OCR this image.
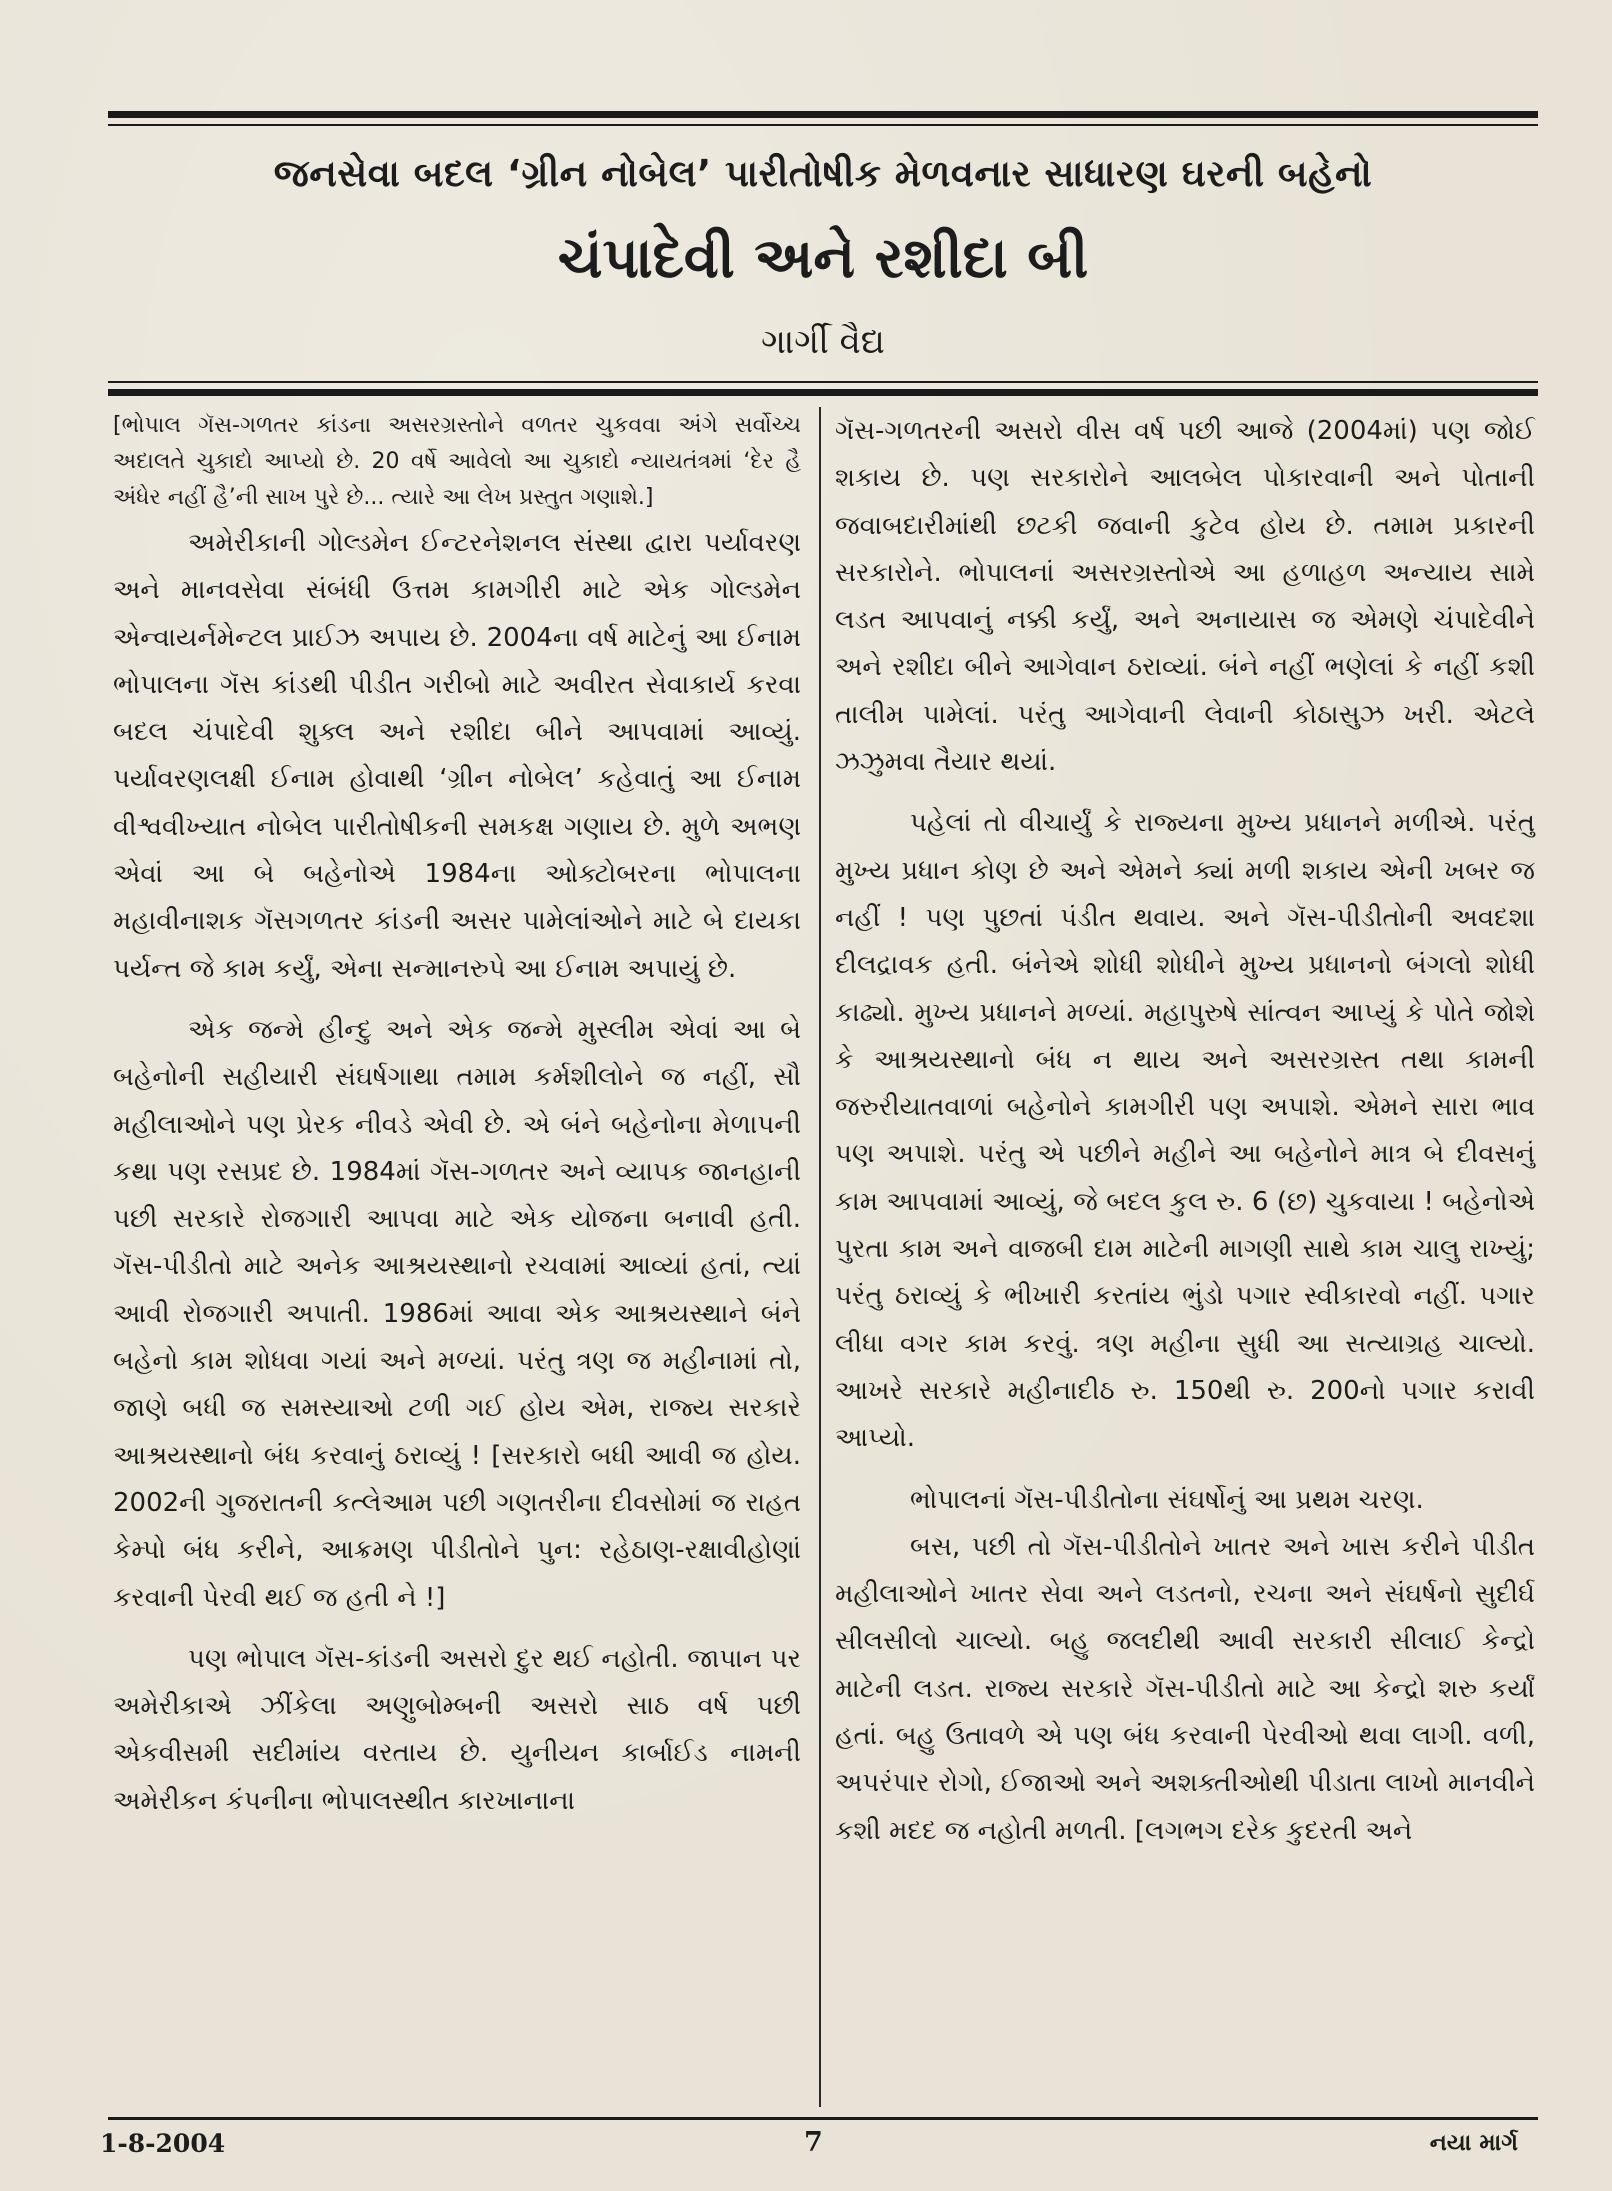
જનસેવા બદલ ‘ગ્રીન નોબેલ’ પારીતોષીક મેળવનાર સાધારણ ઘરની બહેનો
ચંપાદેવી અને રશીદા બી
ગાર્ગી વૈદ્ય

[ભોપાલ ગૅસ-ગળતર કાંડના અસરગ્રસ્તોને વળતર ચુકવવા અંગે સર્વોચ્ચ અદાલતે ચુકાદો આપ્યો છે. 20 વર્ષે આવેલો આ ચુકાદો ન્યાયતંત્રમાં ‘દેર હૈ અંધેર નહીં હૈ’ની સાખ પુરે છે... ત્યારે આ લેખ પ્રસ્તુત ગણાશે.]

અમેરીકાની ગોલ્ડમેન ઈન્ટરનેશનલ સંસ્થા દ્વારા પર્યાવરણ અને માનવસેવા સંબંધી ઉત્તમ કામગીરી માટે એક ગોલ્ડમેન એન્વાયર્નમેન્ટલ પ્રાઈઝ અપાય છે. 2004ના વર્ષ માટેનું આ ઈનામ ભોપાલના ગૅસ કાંડથી પીડીત ગરીબો માટે અવીરત સેવાકાર્ય કરવા બદલ ચંપાદેવી શુક્લ અને રશીદા બીને આપવામાં આવ્યું. પર્યાવરણલક્ષી ઈનામ હોવાથી ‘ગ્રીન નોબેલ’ કહેવાતું આ ઈનામ વીશ્વવીખ્યાત નોબેલ પારીતોષીકની સમકક્ષ ગણાય છે. મુળે અભણ એવાં આ બે બહેનોએ 1984ના ઓક્ટોબરના ભોપાલના મહાવીનાશક ગૅસગળતર કાંડની અસર પામેલાંઓને માટે બે દાયકા પર્યન્ત જે કામ કર્યું, એના સન્માનરુપે આ ઈનામ અપાયું છે.

એક જન્મે હીન્દુ અને એક જન્મે મુસ્લીમ એવાં આ બે બહેનોની સહીયારી સંઘર્ષગાથા તમામ કર્મશીલોને જ નહીં, સૌ મહીલાઓને પણ પ્રેરક નીવડે એવી છે. એ બંને બહેનોના મેળાપની કથા પણ રસપ્રદ છે. 1984માં ગૅસ-ગળતર અને વ્યાપક જાનહાની પછી સરકારે રોજગારી આપવા માટે એક યોજના બનાવી હતી. ગૅસ-પીડીતો માટે અનેક આશ્રયસ્થાનો રચવામાં આવ્યાં હતાં, ત્યાં આવી રોજગારી અપાતી. 1986માં આવા એક આશ્રયસ્થાને બંને બહેનો કામ શોધવા ગયાં અને મળ્યાં. પરંતુ ત્રણ જ મહીનામાં તો, જાણે બધી જ સમસ્યાઓ ટળી ગઈ હોય એમ, રાજ્ય સરકારે આશ્રયસ્થાનો બંધ કરવાનું ઠરાવ્યું ! [સરકારો બધી આવી જ હોય. 2002ની ગુજરાતની કત્લેઆમ પછી ગણતરીના દીવસોમાં જ રાહત કેમ્પો બંધ કરીને, આક્રમણ પીડીતોને પુન: રહેઠાણ-રક્ષાવીહોણાં કરવાની પેરવી થઈ જ હતી ને !]

પણ ભોપાલ ગૅસ-કાંડની અસરો દુર થઈ નહોતી. જાપાન પર અમેરીકાએ ઝીંકેલા અણુબોમ્બની અસરો સાઠ વર્ષ પછી એકવીસમી સદીમાંય વરતાય છે. યુનીયન કાર્બાઈડ નામની અમેરીકન કંપનીના ભોપાલસ્થીત કારખાનાના

ગૅસ-ગળતરની અસરો વીસ વર્ષ પછી આજે (2004માં) પણ જોઈ શકાય છે. પણ સરકારોને આલબેલ પોકારવાની અને પોતાની જવાબદારીમાંથી છટકી જવાની કુટેવ હોય છે. તમામ પ્રકારની સરકારોને. ભોપાલનાં અસરગ્રસ્તોએ આ હળાહળ અન્યાય સામે લડત આપવાનું નક્કી કર્યું, અને અનાયાસ જ એમણે ચંપાદેવીને અને રશીદા બીને આગેવાન ઠરાવ્યાં. બંને નહીં ભણેલાં કે નહીં કશી તાલીમ પામેલાં. પરંતુ આગેવાની લેવાની કોઠાસુઝ ખરી. એટલે ઝઝુમવા તૈયાર થયાં.

પહેલાં તો વીચાર્યું કે રાજ્યના મુખ્ય પ્રધાનને મળીએ. પરંતુ મુખ્ય પ્રધાન કોણ છે અને એમને ક્યાં મળી શકાય એની ખબર જ નહીં ! પણ પુછતાં પંડીત થવાય. અને ગૅસ-પીડીતોની અવદશા દીલદ્રાવક હતી. બંનેએ શોધી શોધીને મુખ્ય પ્રધાનનો બંગલો શોધી કાઢ્યો. મુખ્ય પ્રધાનને મળ્યાં. મહાપુરુષે સાંત્વન આપ્યું કે પોતે જોશે કે આશ્રયસ્થાનો બંધ ન થાય અને અસરગ્રસ્ત તથા કામની જરુરીયાતવાળાં બહેનોને કામગીરી પણ અપાશે. એમને સારા ભાવ પણ અપાશે. પરંતુ એ પછીને મહીને આ બહેનોને માત્ર બે દીવસનું કામ આપવામાં આવ્યું, જે બદલ કુલ રુ. 6 (છ) ચુકવાયા ! બહેનોએ પુરતા કામ અને વાજબી દામ માટેની માગણી સાથે કામ ચાલુ રાખ્યું; પરંતુ ઠરાવ્યું કે ભીખારી કરતાંય ભુંડો પગાર સ્વીકારવો નહીં. પગાર લીધા વગર કામ કરવું. ત્રણ મહીના સુધી આ સત્યાગ્રહ ચાલ્યો. આખરે સરકારે મહીનાદીઠ રુ. 150થી રુ. 200નો પગાર કરાવી આપ્યો.

ભોપાલનાં ગૅસ-પીડીતોના સંઘર્ષોનું આ પ્રથમ ચરણ.

બસ, પછી તો ગૅસ-પીડીતોને ખાતર અને ખાસ કરીને પીડીત મહીલાઓને ખાતર સેવા અને લડતનો, રચના અને સંઘર્ષનો સુદીર્ઘ સીલસીલો ચાલ્યો. બહુ જલદીથી આવી સરકારી સીલાઈ કેન્દ્રો માટેની લડત. રાજ્ય સરકારે ગૅસ-પીડીતો માટે આ કેન્દ્રો શરુ કર્યાં હતાં. બહુ ઉતાવળે એ પણ બંધ કરવાની પેરવીઓ થવા લાગી. વળી, અપરંપાર રોગો, ઈજાઓ અને અશક્તીઓથી પીડાતા લાખો માનવીને કશી મદદ જ નહોતી મળતી. [લગભગ દરેક કુદરતી અને

1-8-2004	7	નયા માર્ગ
